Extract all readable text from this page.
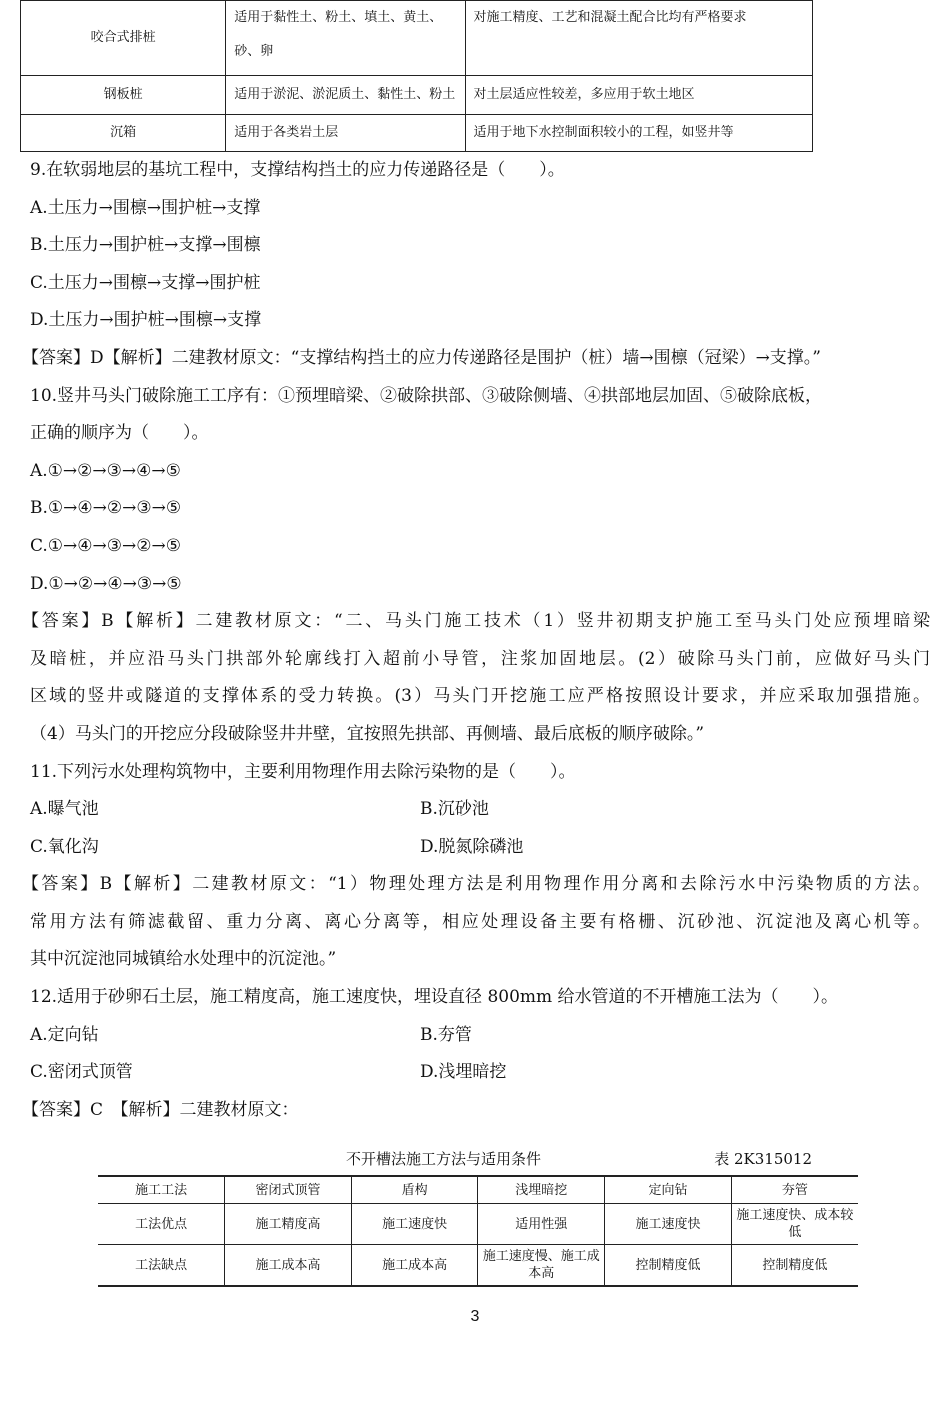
咬合式排桩	适用于黏性土、粉土、填土、黄土、砂、卵	对施工精度、工艺和混凝土配合比均有严格要求
钢板桩	适用于淤泥、淤泥质土、黏性土、粉土	对土层适应性较差，多应用于软土地区
沉箱	适用于各类岩土层	适用于地下水控制面积较小的工程，如竖井等

9.在软弱地层的基坑工程中，支撑结构挡土的应力传递路径是（　　）。

A.土压力→围檩→围护桩→支撑

B.土压力→围护桩→支撑→围檩

C.土压力→围檩→支撑→围护桩

D.土压力→围护桩→围檩→支撑

【答案】D【解析】二建教材原文：“支撑结构挡土的应力传递路径是围护（桩）墙→围檩（冠梁）→支撑。”

10.竖井马头门破除施工工序有：①预埋暗梁、②破除拱部、③破除侧墙、④拱部地层加固、⑤破除底板，

正确的顺序为（　　）。

A.①→②→③→④→⑤

B.①→④→②→③→⑤

C.①→④→③→②→⑤

D.①→②→④→③→⑤

【答案】B【解析】二建教材原文：“二、马头门施工技术（1）竖井初期支护施工至马头门处应预埋暗梁

及暗桩，并应沿马头门拱部外轮廓线打入超前小导管，注浆加固地层。(2）破除马头门前，应做好马头门

区域的竖井或隧道的支撑体系的受力转换。(3）马头门开挖施工应严格按照设计要求，并应采取加强措施。

（4）马头门的开挖应分段破除竖井井壁，宜按照先拱部、再侧墙、最后底板的顺序破除。”

11.下列污水处理构筑物中，主要利用物理作用去除污染物的是（　　）。

A.曝气池	B.沉砂池
C.氧化沟	D.脱氮除磷池

【答案】B【解析】二建教材原文：“1）物理处理方法是利用物理作用分离和去除污水中污染物质的方法。

常用方法有筛滤截留、重力分离、离心分离等，相应处理设备主要有格栅、沉砂池、沉淀池及离心机等。

其中沉淀池同城镇给水处理中的沉淀池。”

12.适用于砂卵石土层，施工精度高，施工速度快，埋设直径 800mm 给水管道的不开槽施工法为（　　）。

A.定向钻	B.夯管
C.密闭式顶管	D.浅埋暗挖

【答案】C　【解析】二建教材原文：

不开槽法施工方法与适用条件	表 2K315012
施工工法	密闭式顶管	盾构	浅埋暗挖	定向钻	夯管
工法优点	施工精度高	施工速度快	适用性强	施工速度快	施工速度快、成本较低
工法缺点	施工成本高	施工成本高	施工速度慢、施工成本高	控制精度低	控制精度低
3
